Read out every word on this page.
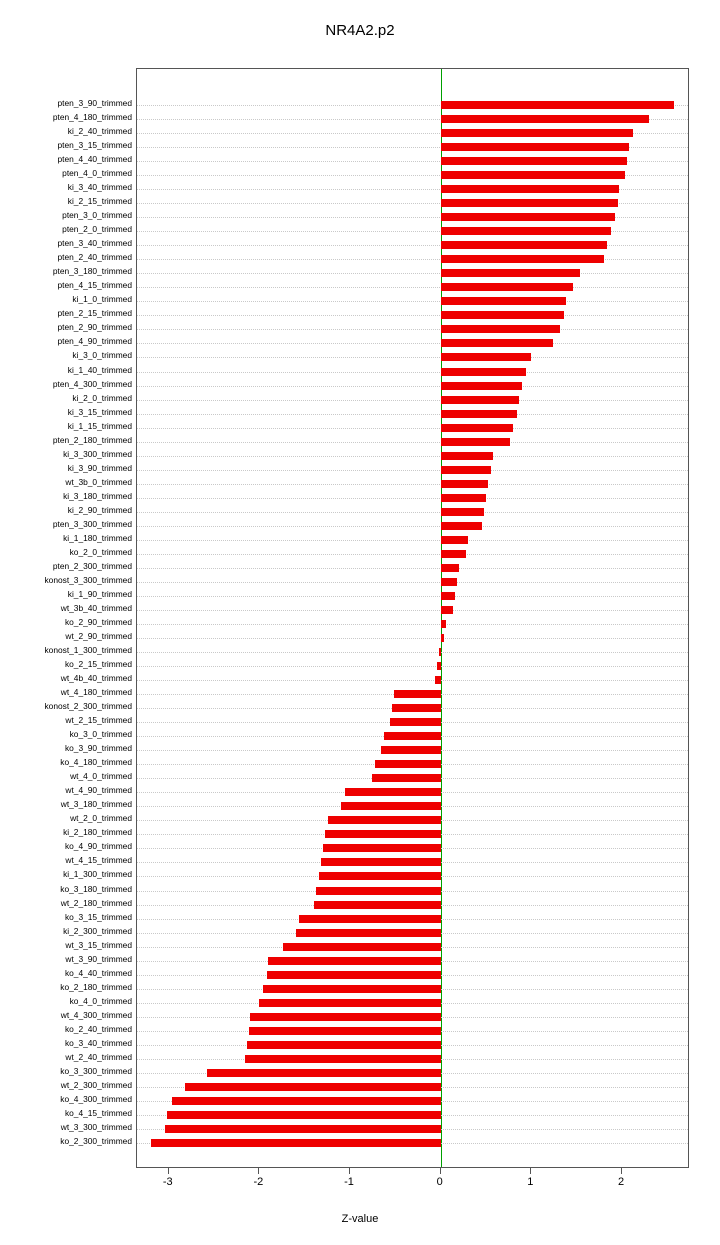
NR4A2.p2
pten_3_90_trimmed
pten_4_180_trimmed
ki_2_40_trimmed
pten_3_15_trimmed
pten_4_40_trimmed
pten_4_0_trimmed
ki_3_40_trimmed
ki_2_15_trimmed
pten_3_0_trimmed
pten_2_0_trimmed
pten_3_40_trimmed
pten_2_40_trimmed
pten_3_180_trimmed
pten_4_15_trimmed
ki_1_0_trimmed
pten_2_15_trimmed
pten_2_90_trimmed
pten_4_90_trimmed
ki_3_0_trimmed
ki_1_40_trimmed
pten_4_300_trimmed
ki_2_0_trimmed
ki_3_15_trimmed
ki_1_15_trimmed
pten_2_180_trimmed
ki_3_300_trimmed
ki_3_90_trimmed
wt_3b_0_trimmed
ki_3_180_trimmed
ki_2_90_trimmed
pten_3_300_trimmed
ki_1_180_trimmed
ko_2_0_trimmed
pten_2_300_trimmed
konost_3_300_trimmed
ki_1_90_trimmed
wt_3b_40_trimmed
ko_2_90_trimmed
wt_2_90_trimmed
konost_1_300_trimmed
ko_2_15_trimmed
wt_4b_40_trimmed
wt_4_180_trimmed
konost_2_300_trimmed
wt_2_15_trimmed
ko_3_0_trimmed
ko_3_90_trimmed
ko_4_180_trimmed
wt_4_0_trimmed
wt_4_90_trimmed
wt_3_180_trimmed
wt_2_0_trimmed
ki_2_180_trimmed
ko_4_90_trimmed
wt_4_15_trimmed
ki_1_300_trimmed
ko_3_180_trimmed
wt_2_180_trimmed
ko_3_15_trimmed
ki_2_300_trimmed
wt_3_15_trimmed
wt_3_90_trimmed
ko_4_40_trimmed
ko_2_180_trimmed
ko_4_0_trimmed
wt_4_300_trimmed
ko_2_40_trimmed
ko_3_40_trimmed
wt_2_40_trimmed
ko_3_300_trimmed
wt_2_300_trimmed
ko_4_300_trimmed
ko_4_15_trimmed
wt_3_300_trimmed
ko_2_300_trimmed
-3	-2	-1	0	1	2
Z-value
